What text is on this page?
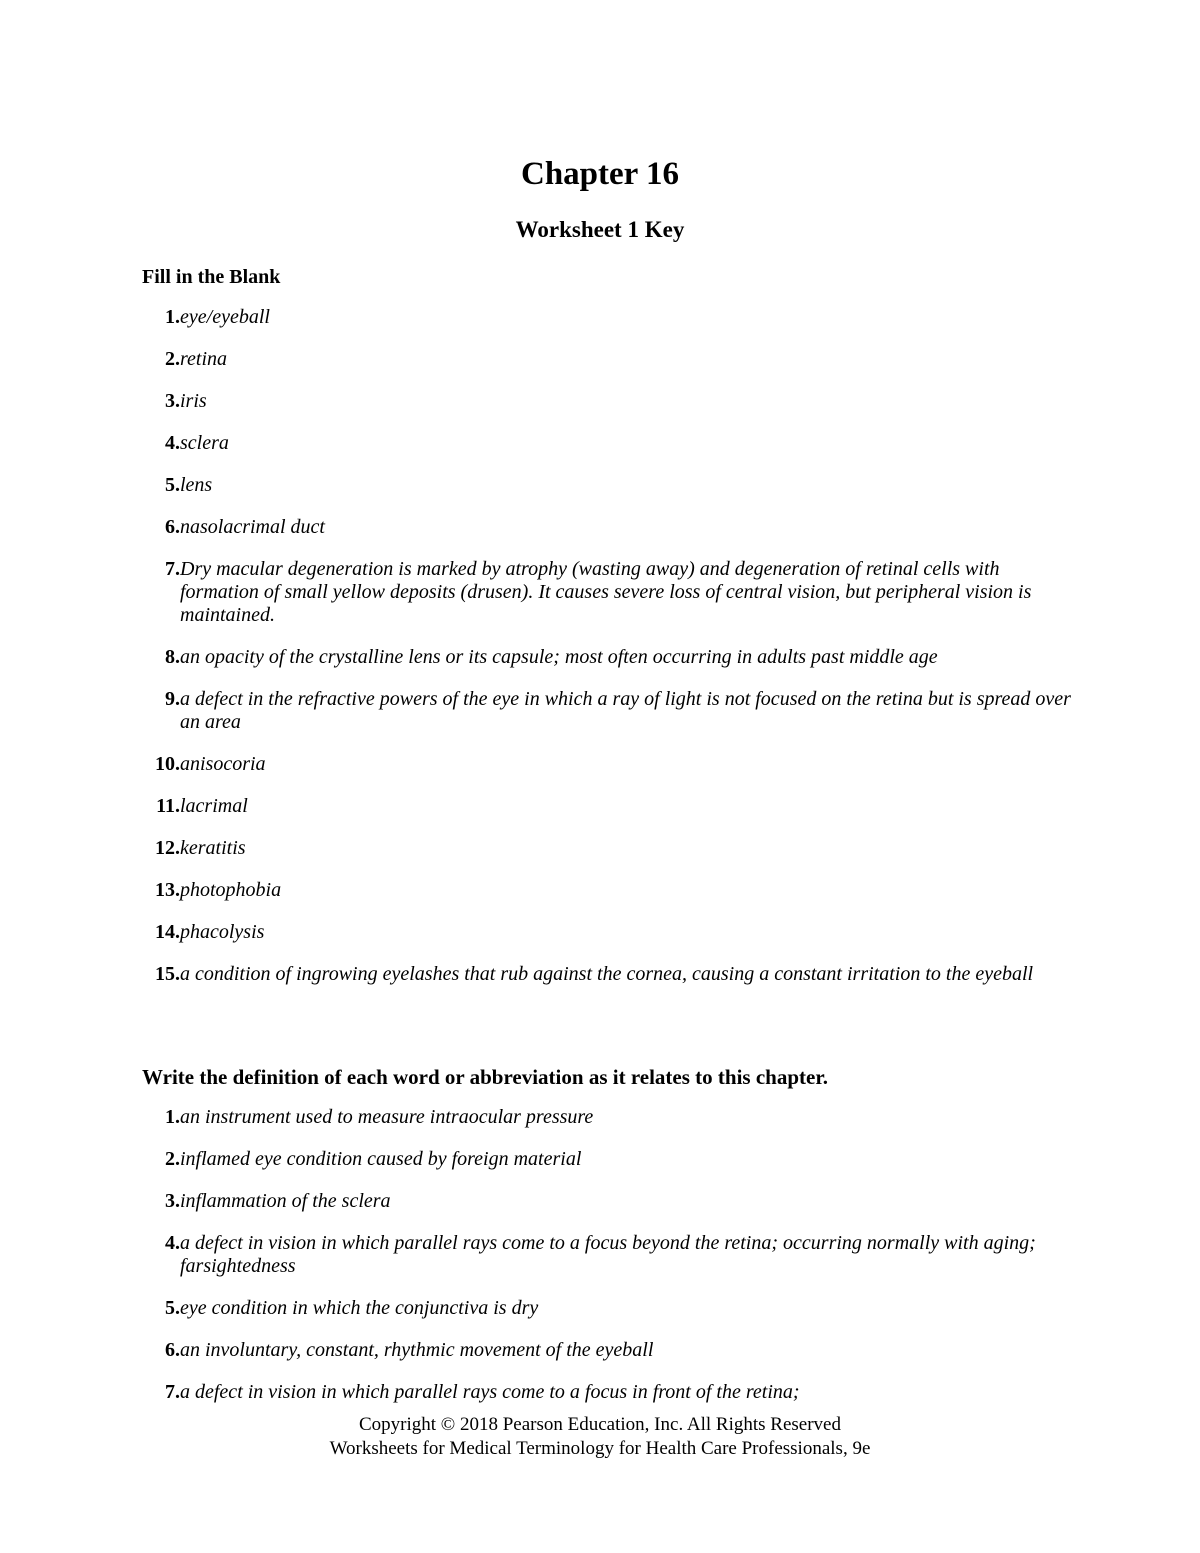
Chapter 16
Worksheet 1 Key
Fill in the Blank
1. eye/eyeball
2. retina
3. iris
4. sclera
5. lens
6. nasolacrimal duct
7. Dry macular degeneration is marked by atrophy (wasting away) and degeneration of retinal cells with formation of small yellow deposits (drusen). It causes severe loss of central vision, but peripheral vision is maintained.
8. an opacity of the crystalline lens or its capsule; most often occurring in adults past middle age
9. a defect in the refractive powers of the eye in which a ray of light is not focused on the retina but is spread over an area
10. anisocoria
11. lacrimal
12. keratitis
13. photophobia
14. phacolysis
15. a condition of ingrowing eyelashes that rub against the cornea, causing a constant irritation to the eyeball
Write the definition of each word or abbreviation as it relates to this chapter.
1. an instrument used to measure intraocular pressure
2. inflamed eye condition caused by foreign material
3. inflammation of the sclera
4. a defect in vision in which parallel rays come to a focus beyond the retina; occurring normally with aging; farsightedness
5. eye condition in which the conjunctiva is dry
6. an involuntary, constant, rhythmic movement of the eyeball
7. a defect in vision in which parallel rays come to a focus in front of the retina;

Copyright © 2018 Pearson Education, Inc. All Rights Reserved

Worksheets for Medical Terminology for Health Care Professionals, 9e
